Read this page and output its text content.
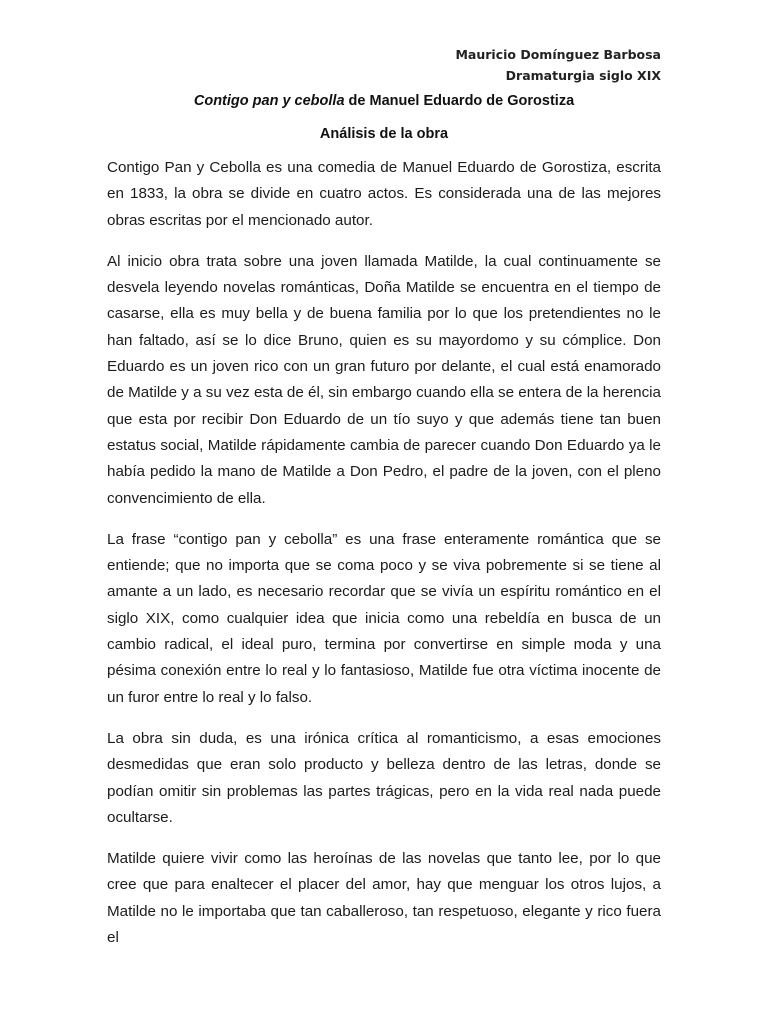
Mauricio Domínguez Barbosa
Dramaturgia siglo XIX
Contigo pan y cebolla de Manuel Eduardo de Gorostiza
Análisis de la obra

Contigo Pan y Cebolla es una comedia de Manuel Eduardo de Gorostiza, escrita en 1833, la obra se divide en cuatro actos. Es considerada una de las mejores obras escritas por el mencionado autor.

Al inicio obra trata sobre una joven llamada Matilde, la cual continuamente se desvela leyendo novelas románticas, Doña Matilde se encuentra en el tiempo de casarse, ella es muy bella y de buena familia por lo que los pretendientes no le han faltado, así se lo dice Bruno, quien es su mayordomo y su cómplice. Don Eduardo es un joven rico con un gran futuro por delante, el cual está enamorado de Matilde y a su vez esta de él, sin embargo cuando ella se entera de la herencia que esta por recibir Don Eduardo de un tío suyo y que además tiene tan buen estatus social, Matilde rápidamente cambia de parecer cuando Don Eduardo ya le había pedido la mano de Matilde a Don Pedro, el padre de la joven, con el pleno convencimiento de ella.

La frase “contigo pan y cebolla” es una frase enteramente romántica que se entiende; que no importa que se coma poco y se viva pobremente si se tiene al amante a un lado, es necesario recordar que se vivía un espíritu romántico en el siglo XIX, como cualquier idea que inicia como una rebeldía en busca de un cambio radical, el ideal puro, termina por convertirse en simple moda y una pésima conexión entre lo real y lo fantasioso, Matilde fue otra víctima inocente de un furor entre lo real y lo falso.

La obra sin duda, es una irónica crítica al romanticismo, a esas emociones desmedidas que eran solo producto y belleza dentro de las letras, donde se podían omitir sin problemas las partes trágicas, pero en la vida real nada puede ocultarse.

Matilde quiere vivir como las heroínas de las novelas que tanto lee, por lo que cree que para enaltecer el placer del amor, hay que menguar los otros lujos, a Matilde no le importaba que tan caballeroso, tan respetuoso, elegante y rico fuera el
